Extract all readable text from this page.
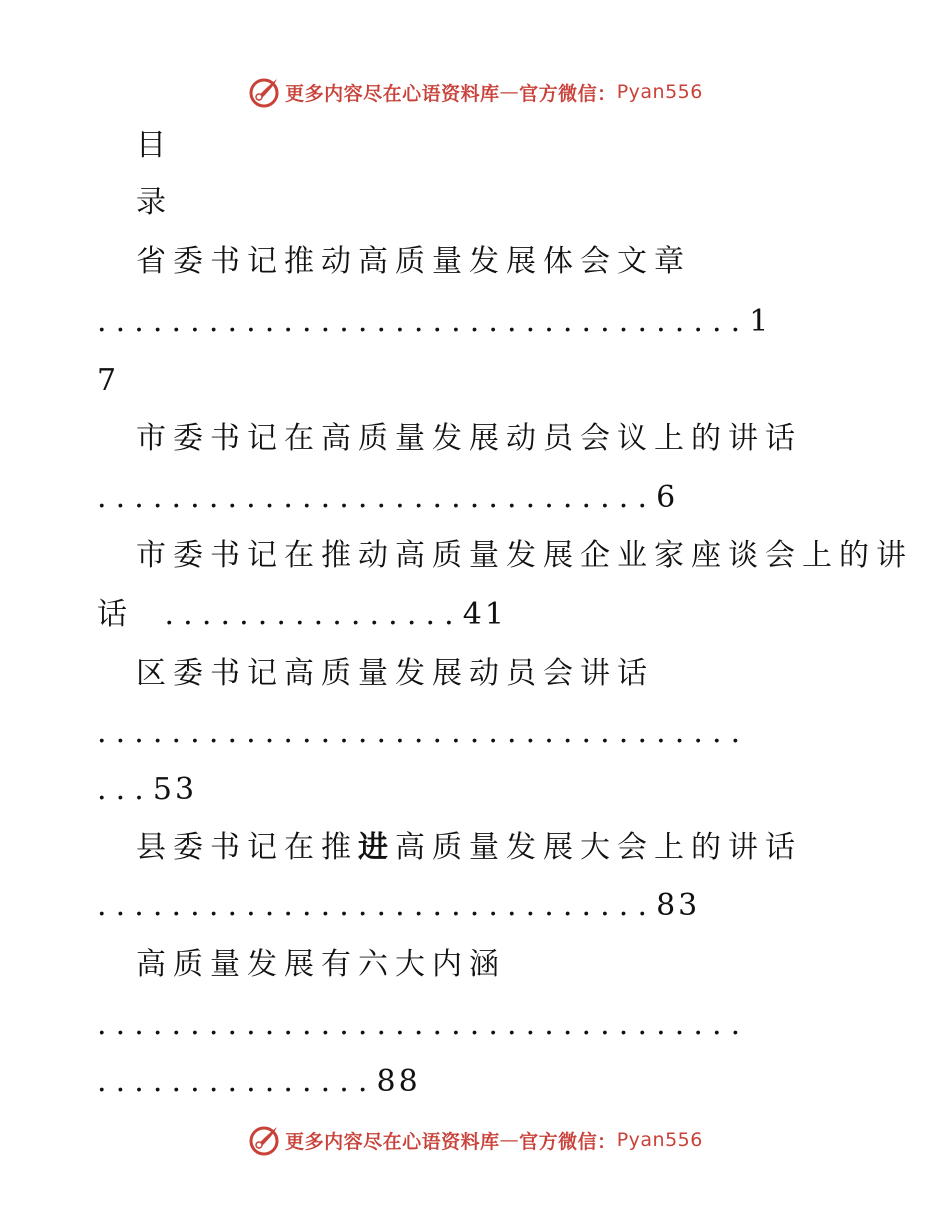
更多内容尽在心语资料库 — 官方微信： Pyan556
目
录
省委书记推动高质量发展体会文章
...................................1
7
市委书记在高质量发展动员会议上的讲话
..............................6
市委书记在推动高质量发展企业家座谈会上的讲
话 ................41
区委书记高质量发展动员会讲话
...................................
...53
县委书记在推进高质量发展大会上的讲话
..............................83
高质量发展有六大内涵
...................................
...............88
更多内容尽在心语资料库 — 官方微信： Pyan556
